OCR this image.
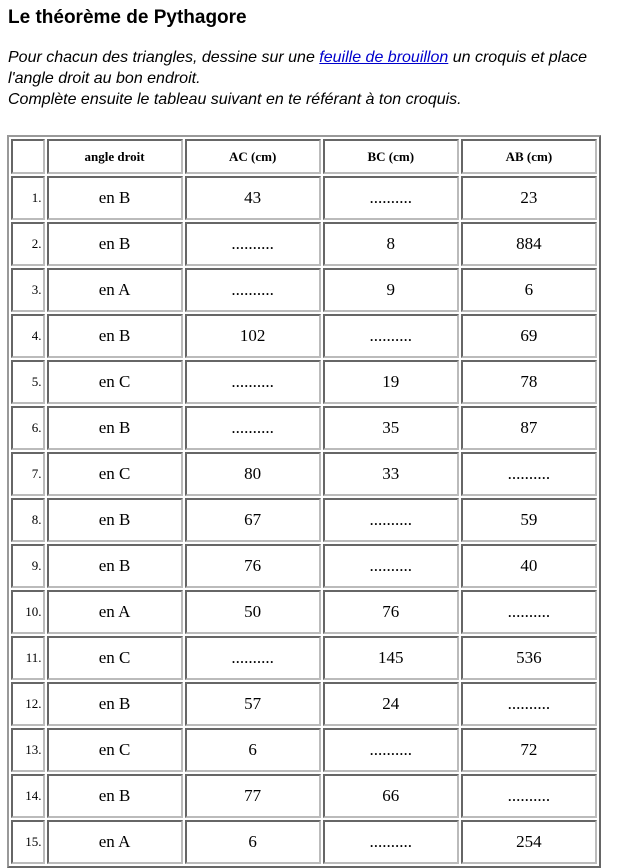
Le théorème de Pythagore

Pour chacun des triangles, dessine sur une feuille de brouillon un croquis et place l'angle droit au bon endroit.
Complète ensuite le tableau suivant en te référant à ton croquis.

	angle droit	AC (cm)	BC (cm)	AB (cm)
1.	en B	43	..........	23
2.	en B	..........	8	884
3.	en A	..........	9	6
4.	en B	102	..........	69
5.	en C	..........	19	78
6.	en B	..........	35	87
7.	en C	80	33	..........
8.	en B	67	..........	59
9.	en B	76	..........	40
10.	en A	50	76	..........
11.	en C	..........	145	536
12.	en B	57	24	..........
13.	en C	6	..........	72
14.	en B	77	66	..........
15.	en A	6	..........	254
